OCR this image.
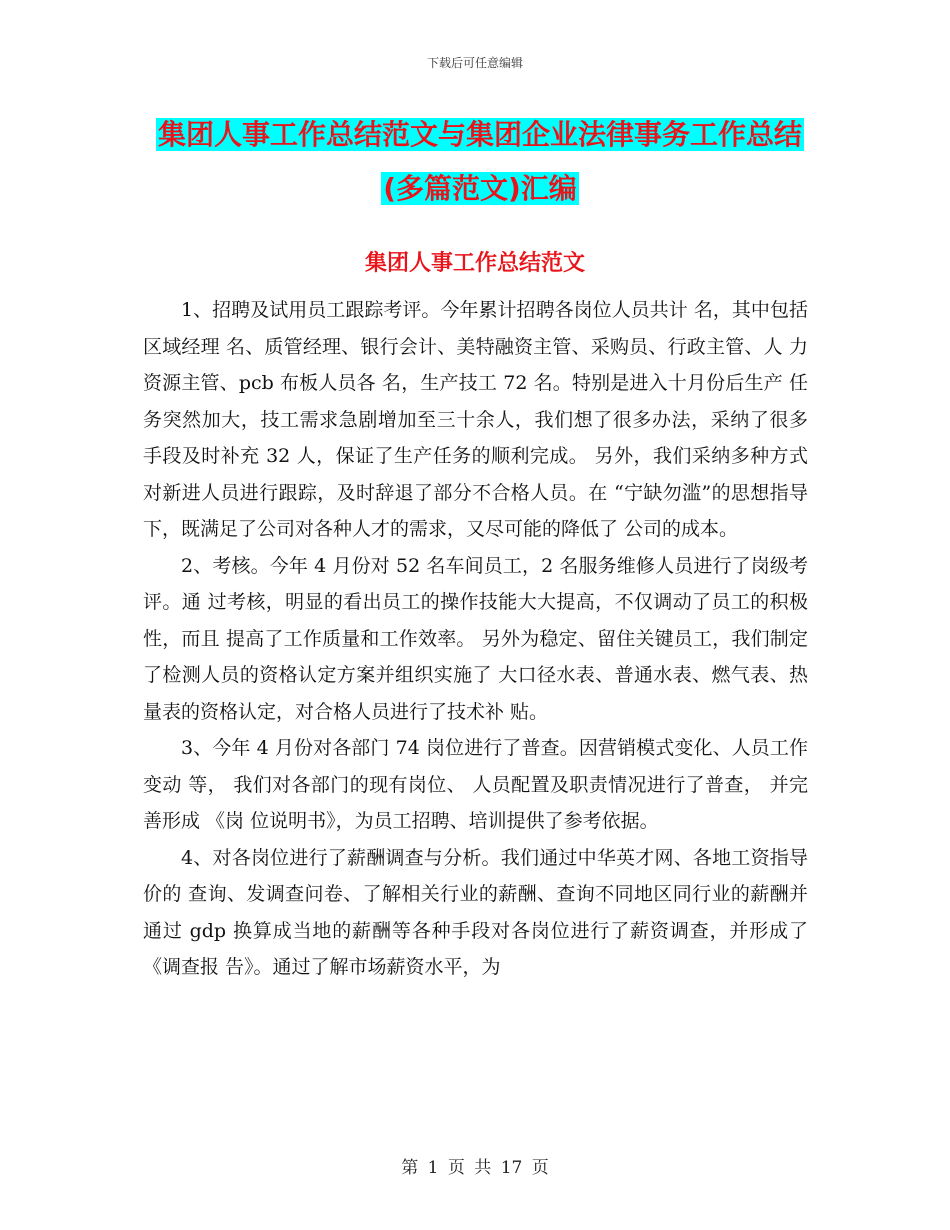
下载后可任意编辑
集团人事工作总结范文与集团企业法律事务工作总结
(多篇范文)汇编
集团人事工作总结范文

1、招聘及试用员工跟踪考评。今年累计招聘各岗位人员共计 名，其中包括 区域经理 名、质管经理、银行会计、美特融资主管、采购员、行政主管、人 力资源主管、pcb 布板人员各 名，生产技工 72 名。特别是进入十月份后生产 任务突然加大，技工需求急剧增加至三十余人，我们想了很多办法，采纳了很多 手段及时补充 32 人，保证了生产任务的顺利完成。 另外，我们采纳多种方式对新进人员进行跟踪，及时辞退了部分不合格人员。在 “宁缺勿滥”的思想指导下，既满足了公司对各种人才的需求，又尽可能的降低了 公司的成本。

2、考核。今年 4 月份对 52 名车间员工，2 名服务维修人员进行了岗级考评。通 过考核，明显的看出员工的操作技能大大提高，不仅调动了员工的积极性，而且 提高了工作质量和工作效率。 另外为稳定、留住关键员工，我们制定了检测人员的资格认定方案并组织实施了 大口径水表、普通水表、燃气表、热量表的资格认定，对合格人员进行了技术补 贴。

3、今年 4 月份对各部门 74 岗位进行了普查。因营销模式变化、人员工作变动 等， 我们对各部门的现有岗位、 人员配置及职责情况进行了普查， 并完善形成 《岗 位说明书》，为员工招聘、培训提供了参考依据。

4、对各岗位进行了薪酬调查与分析。我们通过中华英才网、各地工资指导价的 查询、发调查问卷、了解相关行业的薪酬、查询不同地区同行业的薪酬并通过 gdp 换算成当地的薪酬等各种手段对各岗位进行了薪资调查，并形成了《调查报 告》。通过了解市场薪资水平，为

第 1 页 共 17 页
